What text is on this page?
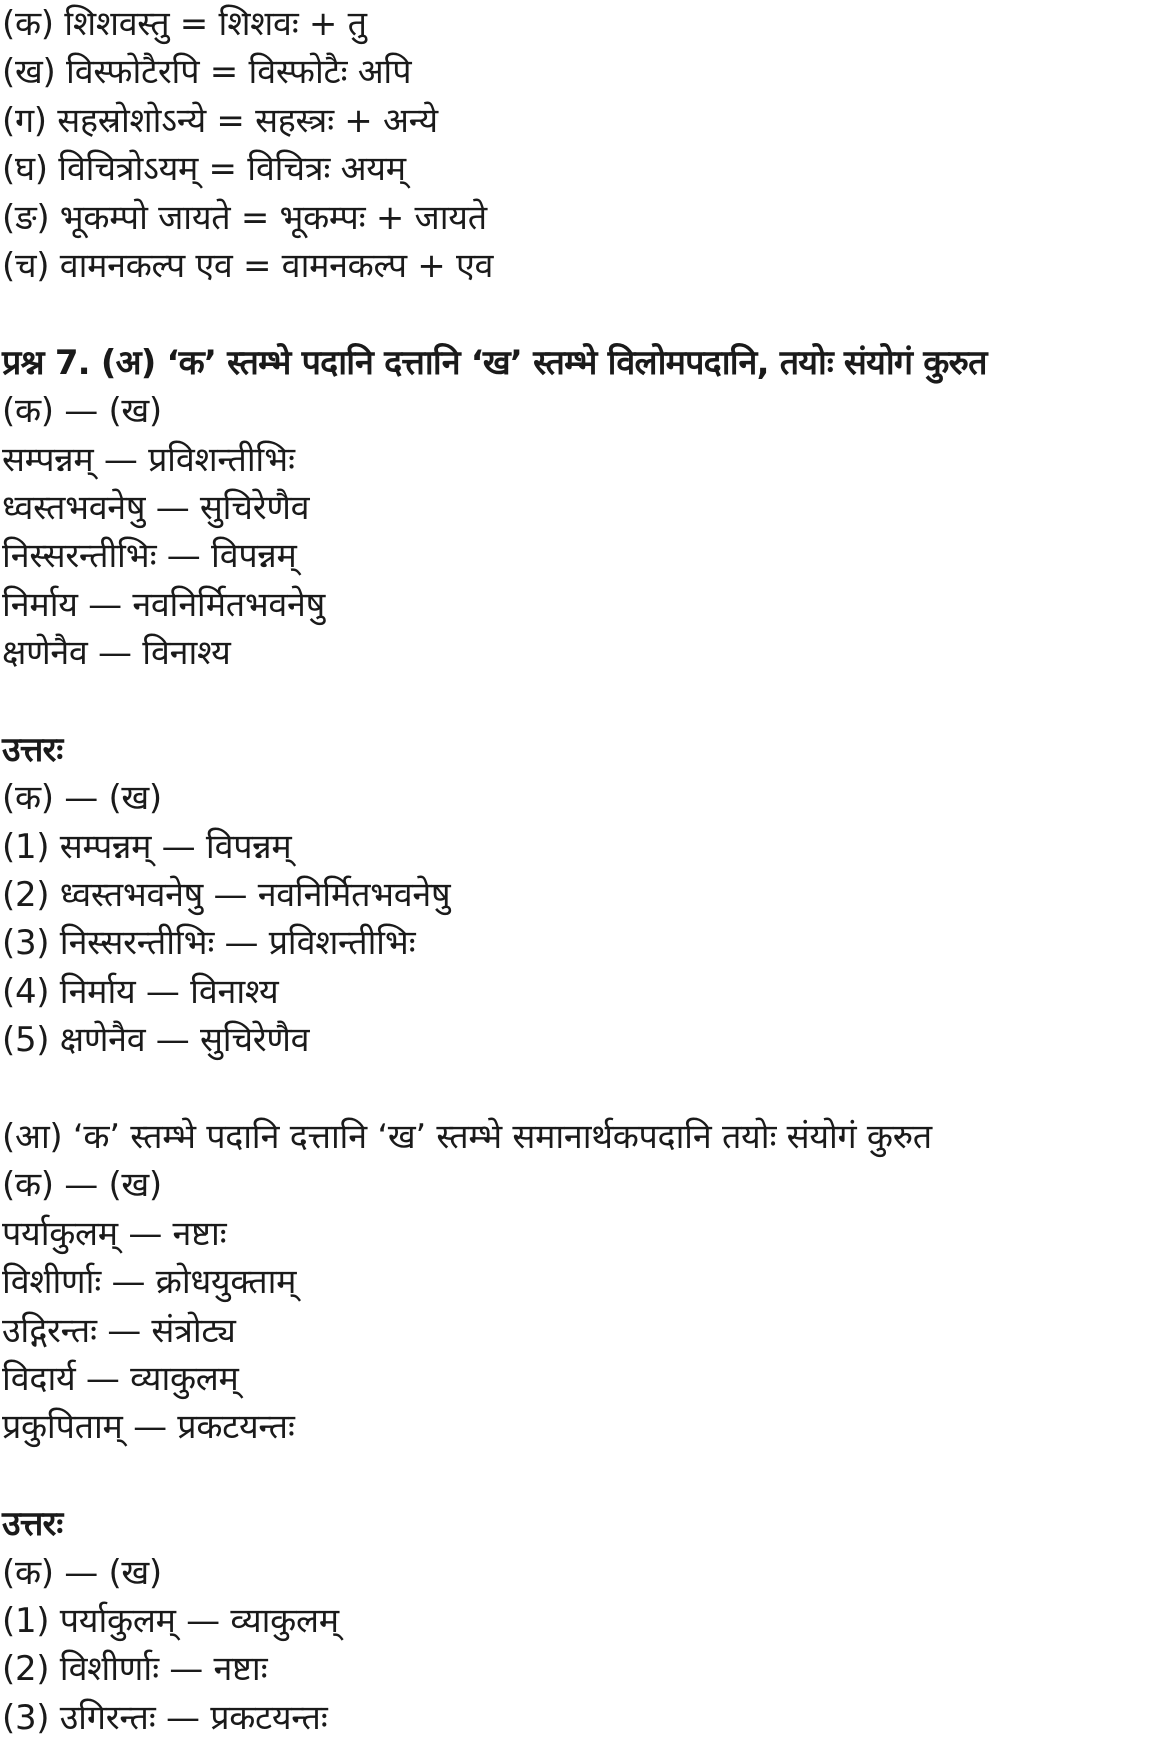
(क) शिशवस्तु = शिशवः + तु
(ख) विस्फोटैरपि = विस्फोटैः अपि
(ग) सहस्रोशोऽन्ये = सहस्त्रः + अन्ये
(घ) विचित्रोऽयम् = विचित्रः अयम्
(ङ) भूकम्पो जायते = भूकम्पः + जायते
(च) वामनकल्प एव = वामनकल्प + एव
प्रश्न 7. (अ) ‘क’ स्तम्भे पदानि दत्तानि ‘ख’ स्तम्भे विलोमपदानि, तयोः संयोगं कुरुत
(क) — (ख)
सम्पन्नम् — प्रविशन्तीभिः
ध्वस्तभवनेषु — सुचिरेणैव
निस्सरन्तीभिः — विपन्नम्
निर्माय — नवनिर्मितभवनेषु
क्षणेनैव — विनाश्य
उत्तरः
(क) — (ख)
(1) सम्पन्नम् — विपन्नम्
(2) ध्वस्तभवनेषु — नवनिर्मितभवनेषु
(3) निस्सरन्तीभिः — प्रविशन्तीभिः
(4) निर्माय — विनाश्य
(5) क्षणेनैव — सुचिरेणैव
(आ) ‘क’ स्तम्भे पदानि दत्तानि ‘ख’ स्तम्भे समानार्थकपदानि तयोः संयोगं कुरुत
(क) — (ख)
पर्याकुलम् — नष्टाः
विशीर्णाः — क्रोधयुक्ताम्
उद्गिरन्तः — संत्रोट्य
विदार्य — व्याकुलम्
प्रकुपिताम् — प्रकटयन्तः
उत्तरः
(क) — (ख)
(1) पर्याकुलम् — व्याकुलम्
(2) विशीर्णाः — नष्टाः
(3) उगिरन्तः — प्रकटयन्तः
